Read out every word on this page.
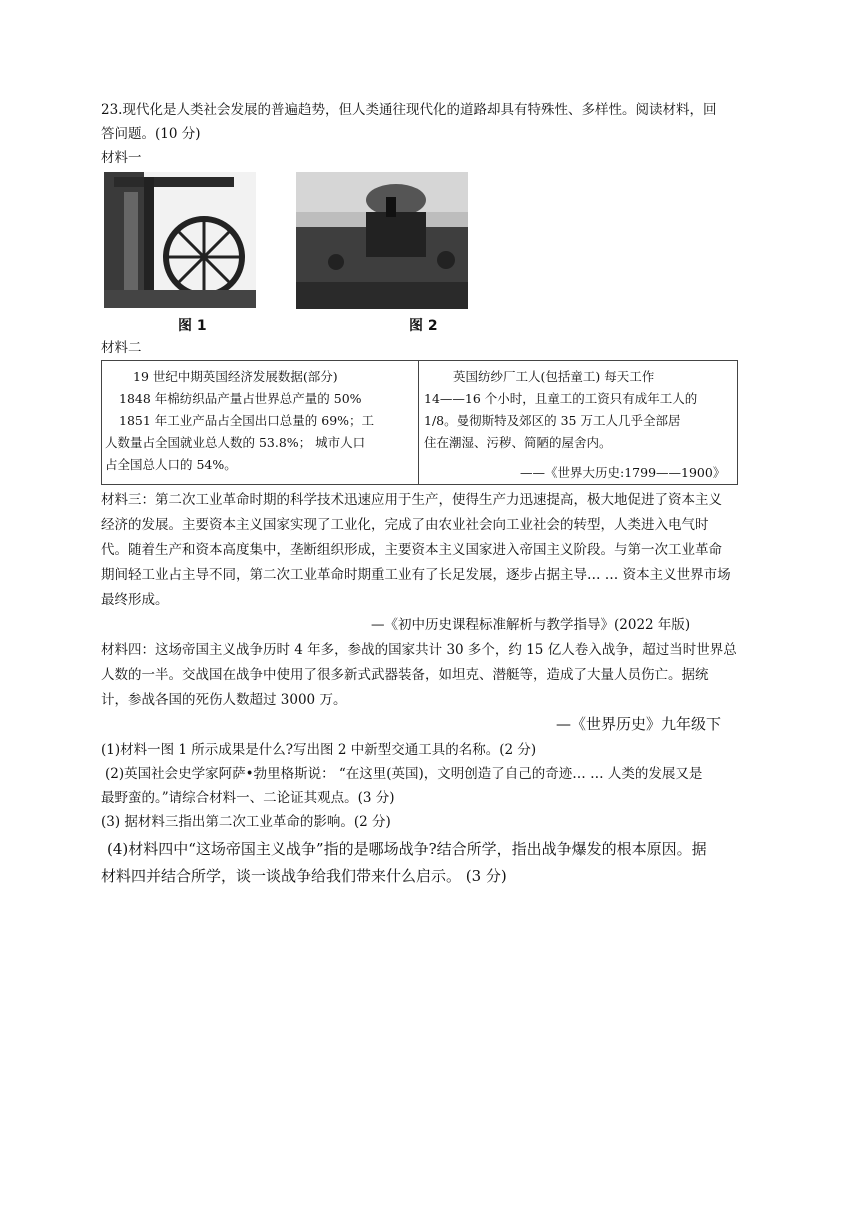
23.现代化是人类社会发展的普遍趋势，但人类通往现代化的道路却具有特殊性、多样性。阅读材料，回
答问题。(10 分)
材料一
图 1	图 2
材料二
19 世纪中期英国经济发展数据(部分)
1848 年棉纺织品产量占世界总产量的 50%
1851 年工业产品占全国出口总量的 69%；工
人数量占全国就业总人数的 53.8%； 城市人口
占全国总人口的 54%。
英国纺纱厂工人(包括童工) 每天工作
14——16 个小时，且童工的工资只有成年工人的
1/8。曼彻斯特及郊区的 35 万工人几乎全部居
住在潮湿、污秽、简陋的屋舍内。
——《世界大历史:1799——1900》
材料三：第二次工业革命时期的科学技术迅速应用于生产，使得生产力迅速提高，极大地促进了资本主义
经济的发展。主要资本主义国家实现了工业化，完成了由农业社会向工业社会的转型，人类进入电气时
代。随着生产和资本高度集中，垄断组织形成，主要资本主义国家进入帝国主义阶段。与第一次工业革命
期间轻工业占主导不同，第二次工业革命时期重工业有了长足发展，逐步占据主导… … 资本主义世界市场
最终形成。
—《初中历史课程标准解析与教学指导》(2022 年版)
材料四：这场帝国主义战争历时 4 年多，参战的国家共计 30 多个，约 15 亿人卷入战争，超过当时世界总
人数的一半。交战国在战争中使用了很多新式武器装备，如坦克、潜艇等，造成了大量人员伤亡。据统
计，参战各国的死伤人数超过 3000 万。
—《世界历史》九年级下
(1)材料一图 1 所示成果是什么?写出图 2 中新型交通工具的名称。(2 分)
(2)英国社会史学家阿萨•勃里格斯说： “在这里(英国)，文明创造了自己的奇迹… … 人类的发展又是
最野蛮的。”请综合材料一、二论证其观点。(3 分)
(3) 据材料三指出第二次工业革命的影响。(2 分)
(4)材料四中“这场帝国主义战争”指的是哪场战争?结合所学，指出战争爆发的根本原因。据
材料四并结合所学，谈一谈战争给我们带来什么启示。 (3 分)
